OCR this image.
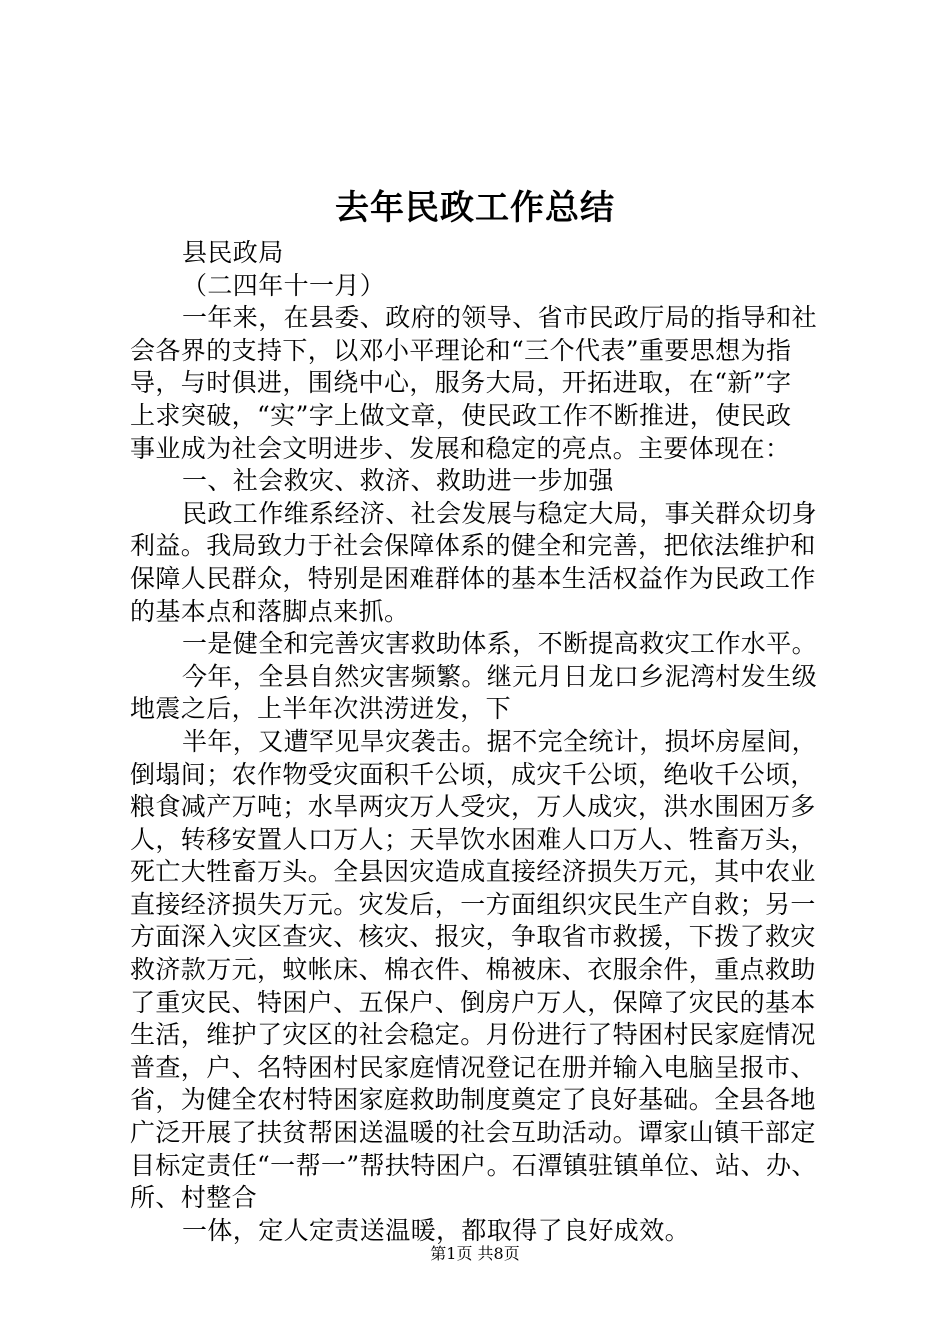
去年民政工作总结
县民政局
（二四年十一月）
一年来，在县委、政府的领导、省市民政厅局的指导和社
会各界的支持下，以邓小平理论和“三个代表”重要思想为指
导，与时俱进，围绕中心，服务大局，开拓进取，在“新”字
上求突破，“实”字上做文章，使民政工作不断推进，使民政
事业成为社会文明进步、发展和稳定的亮点。主要体现在：
一、社会救灾、救济、救助进一步加强
民政工作维系经济、社会发展与稳定大局，事关群众切身
利益。我局致力于社会保障体系的健全和完善，把依法维护和
保障人民群众，特别是困难群体的基本生活权益作为民政工作
的基本点和落脚点来抓。
一是健全和完善灾害救助体系，不断提高救灾工作水平。
今年，全县自然灾害频繁。继元月日龙口乡泥湾村发生级
地震之后，上半年次洪涝迸发，下
半年，又遭罕见旱灾袭击。据不完全统计，损坏房屋间，
倒塌间；农作物受灾面积千公顷，成灾千公顷，绝收千公顷，
粮食减产万吨；水旱两灾万人受灾，万人成灾，洪水围困万多
人，转移安置人口万人；天旱饮水困难人口万人、牲畜万头，
死亡大牲畜万头。全县因灾造成直接经济损失万元，其中农业
直接经济损失万元。灾发后，一方面组织灾民生产自救；另一
方面深入灾区查灾、核灾、报灾，争取省市救援，下拨了救灾
救济款万元，蚊帐床、棉衣件、棉被床、衣服余件，重点救助
了重灾民、特困户、五保户、倒房户万人，保障了灾民的基本
生活，维护了灾区的社会稳定。月份进行了特困村民家庭情况
普查，户、名特困村民家庭情况登记在册并输入电脑呈报市、
省，为健全农村特困家庭救助制度奠定了良好基础。全县各地
广泛开展了扶贫帮困送温暖的社会互助活动。谭家山镇干部定
目标定责任“一帮一”帮扶特困户。石潭镇驻镇单位、站、办、
所、村整合
一体，定人定责送温暖，都取得了良好成效。
第1页 共8页
